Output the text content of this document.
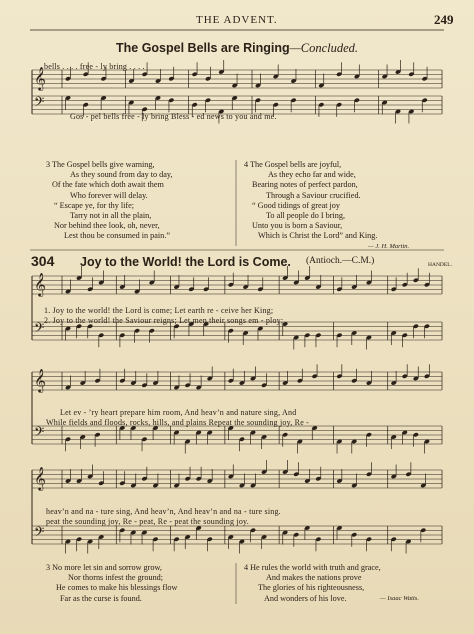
𝄞
𝄢
𝄞
𝄢
𝄞
𝄢
𝄞
𝄢
THE ADVENT.	249
The Gospel Bells are Ringing—Concluded.
bells . . . . free - ly bring . . . .
Gos - pel bells free - ly bring Bless - ed news to you and me.
3 The Gospel bells give warning,
As they sound from day to day,
Of the fate which doth await them
Who forever will delay.
“ Escape ye, for thy life;
Tarry not in all the plain,
Nor behind thee look, oh, never,
Lest thou be consumed in pain.”
4 The Gospel bells are joyful,
As they echo far and wide,
Bearing notes of perfect pardon,
Through a Saviour crucified.
“ Good tidings of great joy
To all people do I bring,
Unto you is born a Saviour,
Which is Christ the Lord” and King.
— J. H. Martin.
304 Joy to the World! the Lord is Come. (Antioch.—C.M.)	HANDEL.
1. Joy to the world! the Lord is come; Let earth re - ceive her King;
2. Joy to the world! the Saviour reigns; Let men their songs em - ploy;
Let ev - ’ry heart prepare him room, And heav’n and nature sing, And
While fields and floods, rocks, hills, and plains Repeat the sounding joy, Re -
heav’n and na - ture sing, And heav’n, And heav’n and na - ture sing.
peat the sounding joy, Re - peat, Re - peat the sounding joy.
3 No more let sin and sorrow grow,
Nor thorns infest the ground;
He comes to make his blessings flow
Far as the curse is found.
4 He rules the world with truth and grace,
And makes the nations prove
The glories of his righteousness,
And wonders of his love.	— Isaac Watts.
